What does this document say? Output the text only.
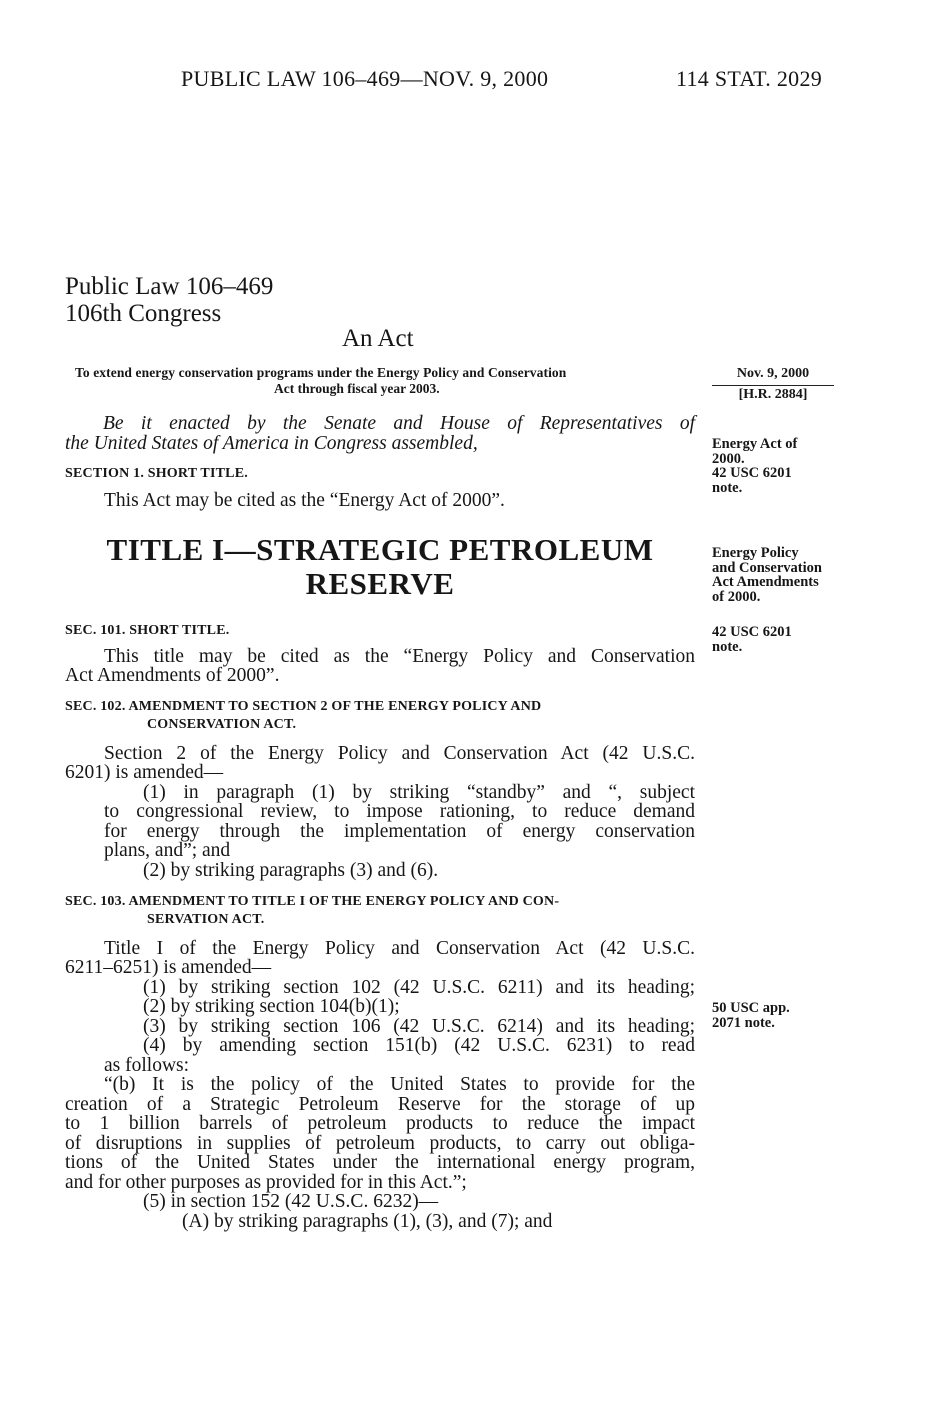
PUBLIC LAW 106–469—NOV. 9, 2000	114 STAT. 2029
Public Law 106–469
106th Congress
An Act
To extend energy conservation programs under the Energy Policy and Conservation
Act through fiscal year 2003.
Nov. 9, 2000
[H.R. 2884]
Be it enacted by the Senate and House of Representatives of
the United States of America in Congress assembled,
SECTION 1. SHORT TITLE.
This Act may be cited as the “Energy Act of 2000”.
Energy Act of
2000.
42 USC 6201
note.
TITLE I—STRATEGIC PETROLEUM
RESERVE
Energy Policy
and Conservation
Act Amendments
of 2000.
SEC. 101. SHORT TITLE.
This title may be cited as the “Energy Policy and Conservation
Act Amendments of 2000”.
42 USC 6201
note.
SEC. 102. AMENDMENT TO SECTION 2 OF THE ENERGY POLICY AND
CONSERVATION ACT.
Section 2 of the Energy Policy and Conservation Act (42 U.S.C.
6201) is amended—
(1) in paragraph (1) by striking “standby” and “, subject
to congressional review, to impose rationing, to reduce demand
for energy through the implementation of energy conservation
plans, and”; and
(2) by striking paragraphs (3) and (6).
SEC. 103. AMENDMENT TO TITLE I OF THE ENERGY POLICY AND CON-
SERVATION ACT.
Title I of the Energy Policy and Conservation Act (42 U.S.C.
6211–6251) is amended—
(1) by striking section 102 (42 U.S.C. 6211) and its heading;
(2) by striking section 104(b)(1);
(3) by striking section 106 (42 U.S.C. 6214) and its heading;
(4) by amending section 151(b) (42 U.S.C. 6231) to read
as follows:
“(b) It is the policy of the United States to provide for the
creation of a Strategic Petroleum Reserve for the storage of up
to 1 billion barrels of petroleum products to reduce the impact
of disruptions in supplies of petroleum products, to carry out obliga-
tions of the United States under the international energy program,
and for other purposes as provided for in this Act.”;
(5) in section 152 (42 U.S.C. 6232)—
(A) by striking paragraphs (1), (3), and (7); and
50 USC app.
2071 note.
